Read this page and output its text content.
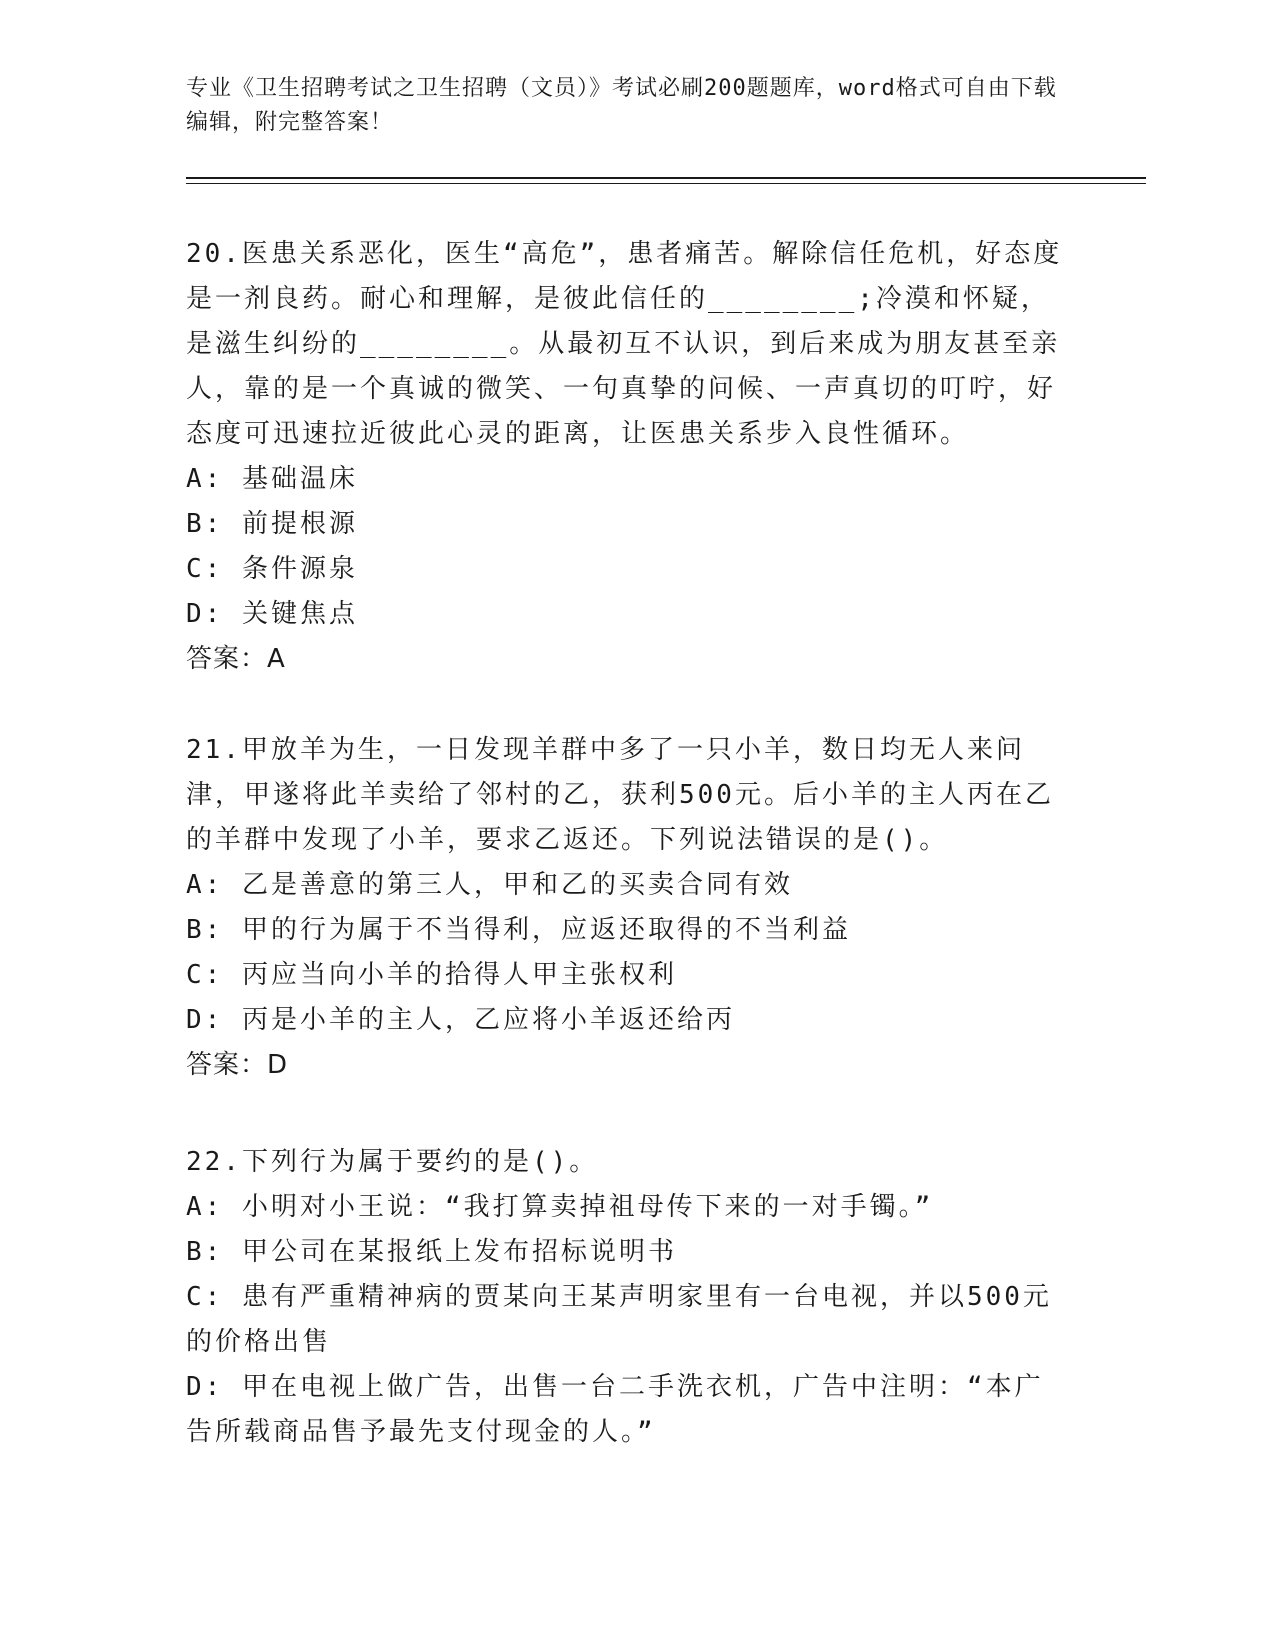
专业《卫生招聘考试之卫生招聘（文员）》考试必刷200题题库，word格式可自由下载编辑，附完整答案！

20.医患关系恶化，医生“高危”，患者痛苦。解除信任危机，好态度是一剂良药。耐心和理解，是彼此信任的________;冷漠和怀疑，是滋生纠纷的________。从最初互不认识，到后来成为朋友甚至亲人，靠的是一个真诚的微笑、一句真挚的问候、一声真切的叮咛，好态度可迅速拉近彼此心灵的距离，让医患关系步入良性循环。

A: 基础温床

B: 前提根源

C: 条件源泉

D: 关键焦点

答案：A

21.甲放羊为生，一日发现羊群中多了一只小羊，数日均无人来问津，甲遂将此羊卖给了邻村的乙，获利500元。后小羊的主人丙在乙的羊群中发现了小羊，要求乙返还。下列说法错误的是()。

A: 乙是善意的第三人，甲和乙的买卖合同有效

B: 甲的行为属于不当得利，应返还取得的不当利益

C: 丙应当向小羊的拾得人甲主张权利

D: 丙是小羊的主人，乙应将小羊返还给丙

答案：D

22.下列行为属于要约的是()。

A: 小明对小王说：“我打算卖掉祖母传下来的一对手镯。”

B: 甲公司在某报纸上发布招标说明书

C: 患有严重精神病的贾某向王某声明家里有一台电视，并以500元的价格出售

D: 甲在电视上做广告，出售一台二手洗衣机，广告中注明：“本广告所载商品售予最先支付现金的人。”
